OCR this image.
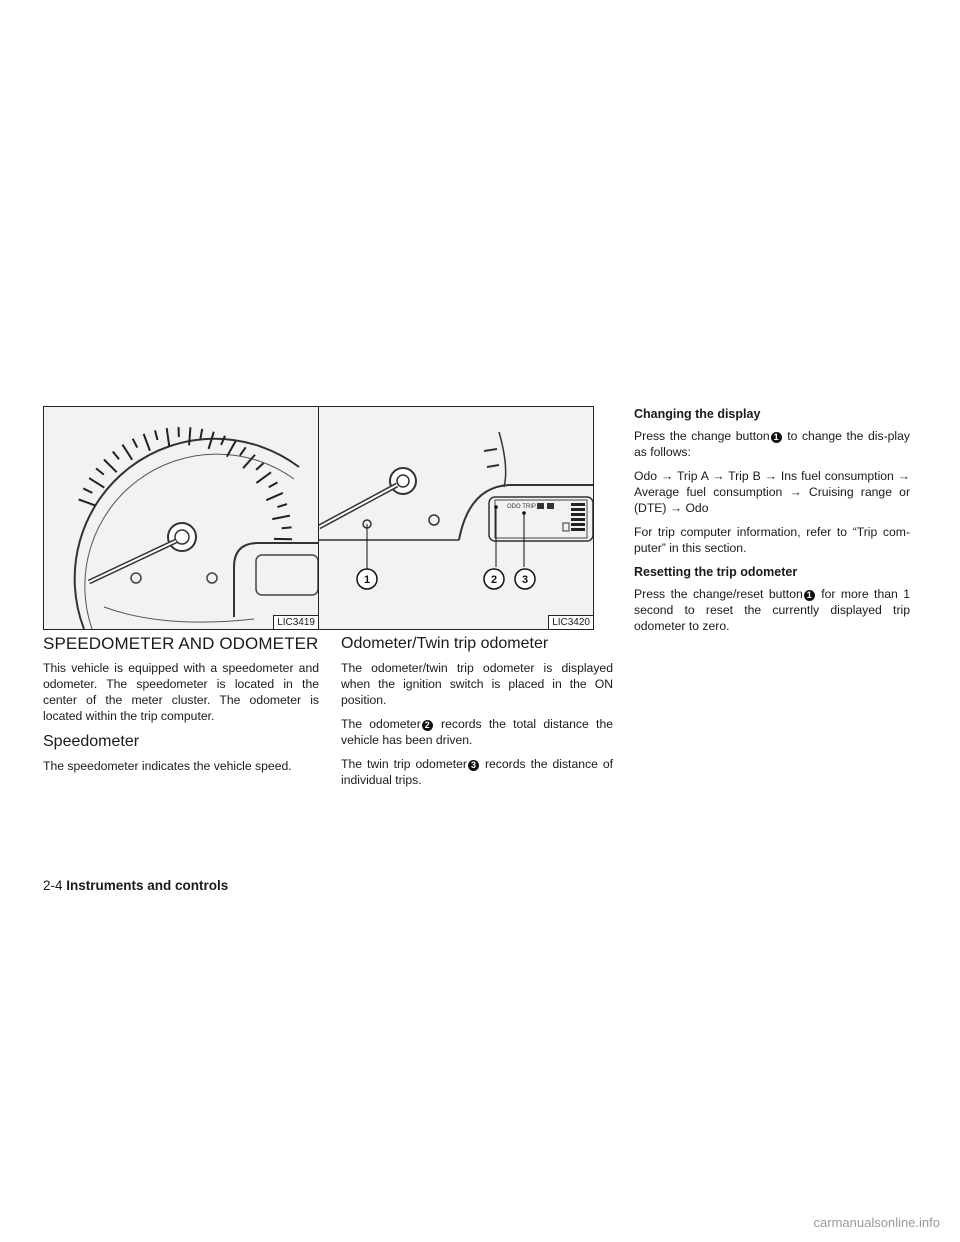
LIC3419
ODO TRIP
1	2 3
LIC3420
SPEEDOMETER AND ODOMETER

This vehicle is equipped with a speedometer and odometer. The speedometer is located in the center of the meter cluster. The odometer is located within the trip computer.

Speedometer

The speedometer indicates the vehicle speed.

Odometer/Twin trip odometer

The odometer/twin trip odometer is displayed when the ignition switch is placed in the ON position.

The odometer 2 records the total distance the vehicle has been driven.

The twin trip odometer 3 records the distance of individual trips.

Changing the display

Press the change button 1 to change the dis-play as follows:

Odo → Trip A → Trip B → Ins fuel consumption → Average fuel consumption → Cruising range or (DTE) → Odo

For trip computer information, refer to “Trip com-puter” in this section.

Resetting the trip odometer

Press the change/reset button 1 for more than 1 second to reset the currently displayed trip odometer to zero.

2-4 Instruments and controls
carmanualsonline.info
